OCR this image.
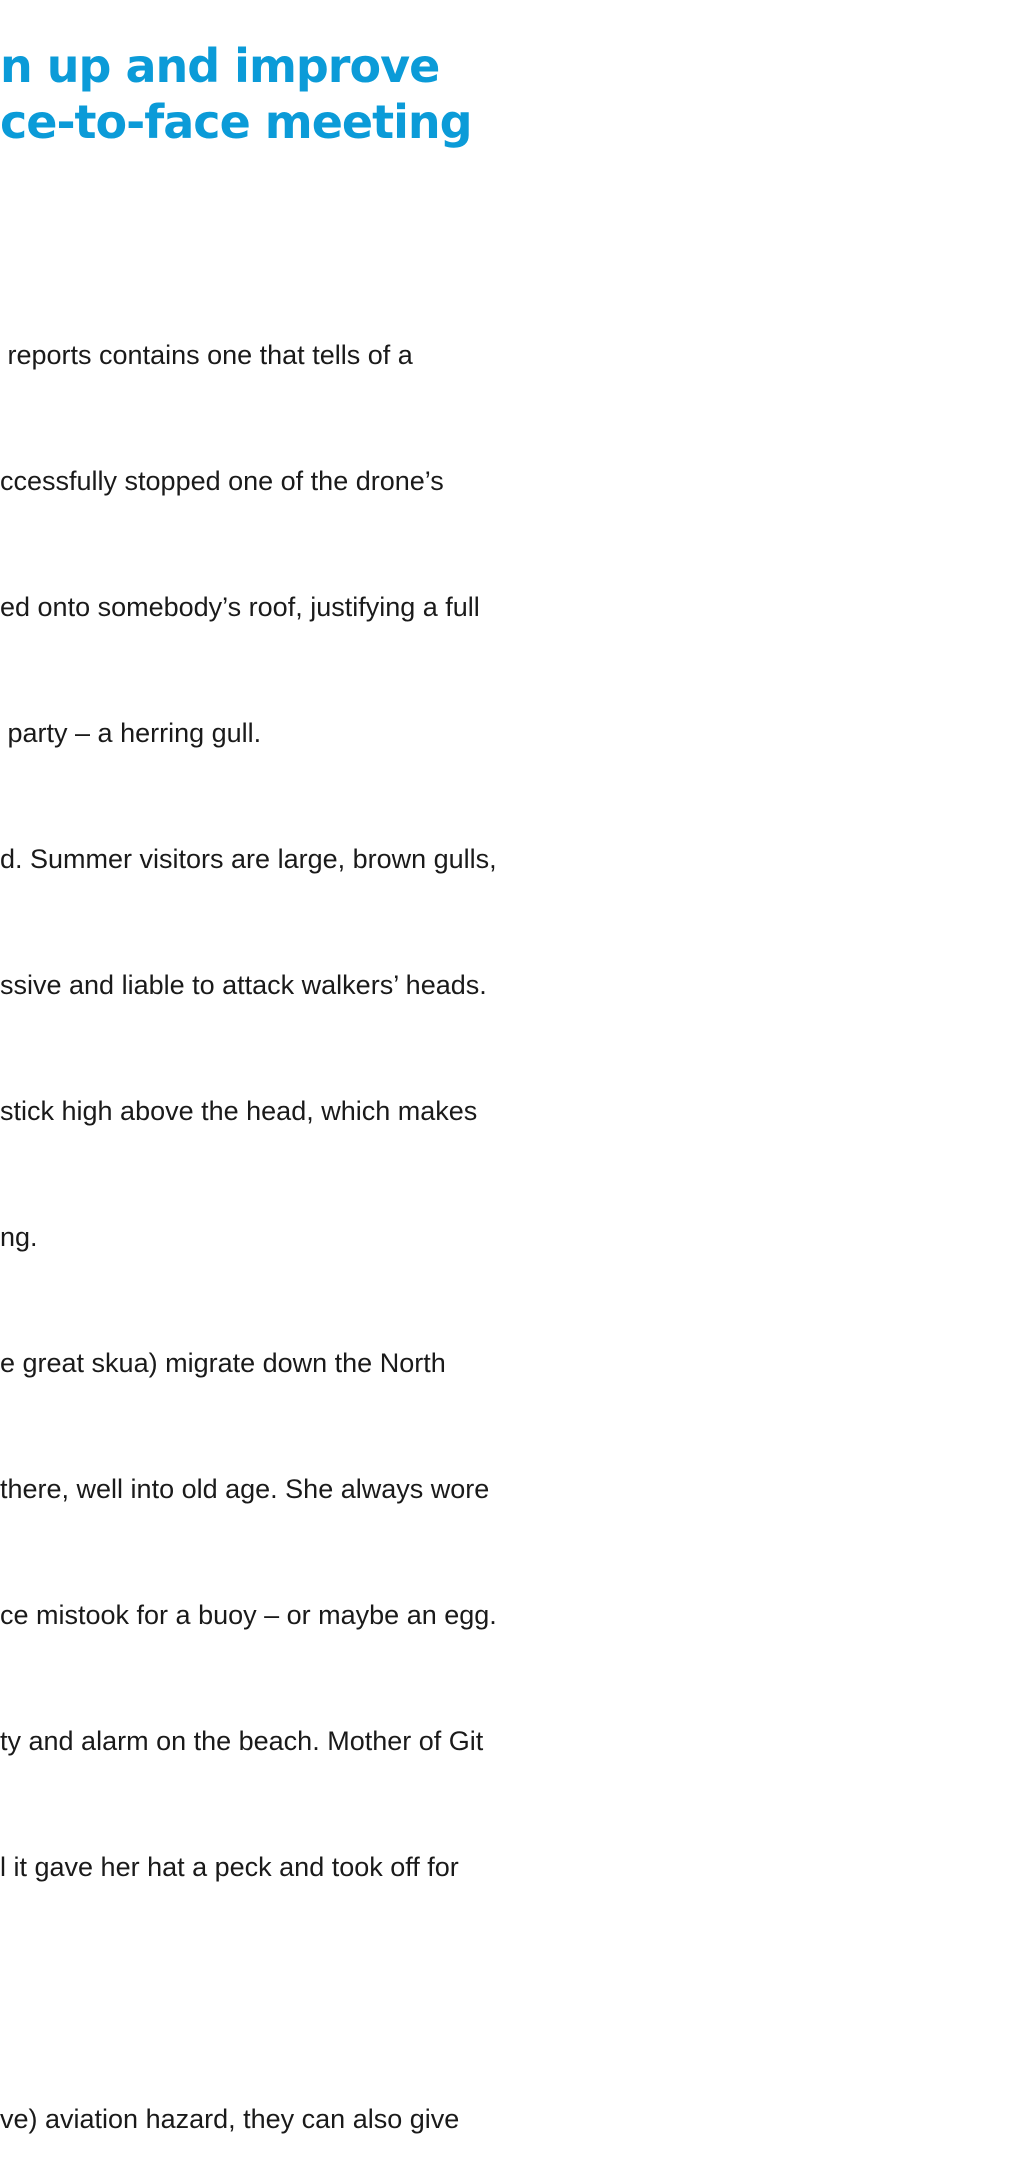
n up and improve
ce-to-face meeting

reports contains one that tells of a

ccessfully stopped one of the drone’s

ed onto somebody’s roof, justifying a full

party – a herring gull.

d. Summer visitors are large, brown gulls,

ssive and liable to attack walkers’ heads.

stick high above the head, which makes

ng.

e great skua) migrate down the North

there, well into old age. She always wore

ce mistook for a buoy – or maybe an egg.

ty and alarm on the beach. Mother of Git

l it gave her hat a peck and took off for

ve) aviation hazard, they can also give
